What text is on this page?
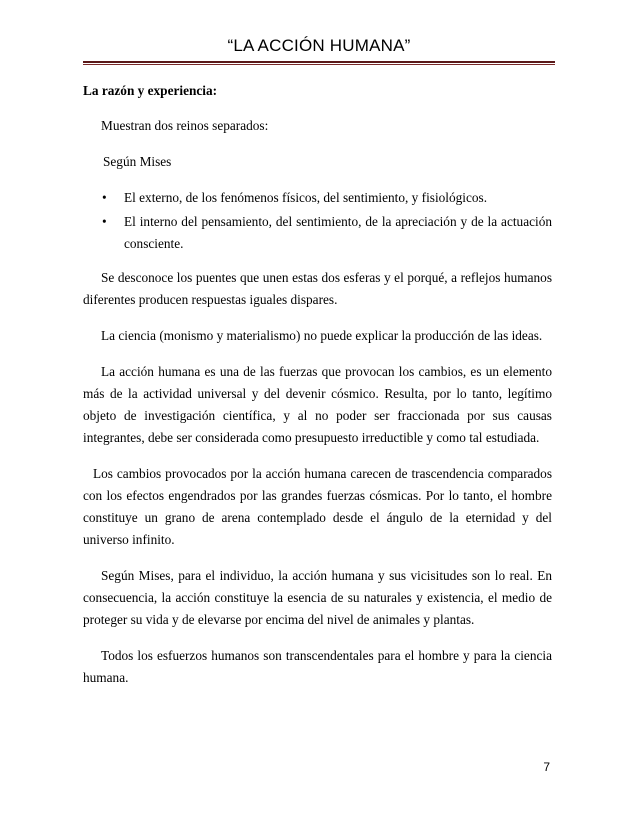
“LA ACCIÓN HUMANA”
La razón y experiencia:
Muestran dos reinos separados:
Según Mises
• El externo, de los fenómenos físicos, del sentimiento, y fisiológicos.
• El interno del pensamiento, del sentimiento, de la apreciación y de la actuación consciente.
Se desconoce los puentes que unen estas dos esferas y el porqué, a reflejos humanos diferentes producen respuestas iguales dispares.
La ciencia (monismo y materialismo) no puede explicar la producción de las ideas.
La acción humana es una de las fuerzas que provocan los cambios, es un elemento más de la actividad universal y del devenir cósmico. Resulta, por lo tanto, legítimo objeto de investigación científica, y al no poder ser fraccionada por sus causas integrantes, debe ser considerada como presupuesto irreductible y como tal estudiada.
Los cambios provocados por la acción humana carecen de trascendencia comparados con los efectos engendrados por las grandes fuerzas cósmicas. Por lo tanto, el hombre constituye un grano de arena contemplado desde el ángulo de la eternidad y del universo infinito.
Según Mises, para el individuo, la acción humana y sus vicisitudes son lo real. En consecuencia, la acción constituye la esencia de su naturales y existencia, el medio de proteger su vida y de elevarse por encima del nivel de animales y plantas.
Todos los esfuerzos humanos son transcendentales para el hombre y para la ciencia humana.
7
